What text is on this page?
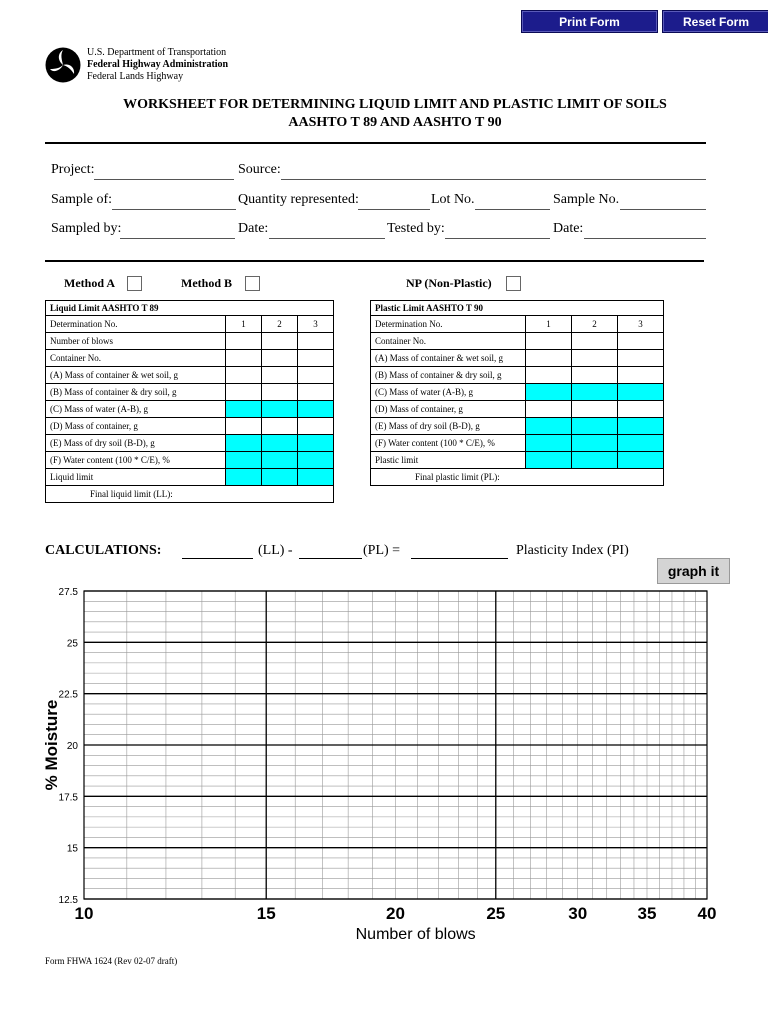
Print Form	Reset Form
U.S. Department of Transportation
Federal Highway Administration
Federal Lands Highway
WORKSHEET FOR DETERMINING LIQUID LIMIT AND PLASTIC LIMIT OF SOILS
AASHTO T 89 AND AASHTO T 90
Project:	Source:
Sample of:	Quantity represented:	Lot No.	Sample No.
Sampled by:	Date:	Tested by:	Date:
Method A	Method B	NP (Non-Plastic)
Liquid Limit AASHTO T 89			
Determination No.	1	2	3
Number of blows			
Container No.			
(A) Mass of container & wet soil, g			
(B) Mass of container & dry soil, g			
(C) Mass of water (A-B), g			
(D) Mass of container, g			
(E) Mass of dry soil (B-D), g			
(F) Water content (100 * C/E), %			
Liquid limit			
Final liquid limit (LL):			
Plastic Limit AASHTO T 90			
Determination No.	1	2	3
Container No.			
(A) Mass of container & wet soil, g			
(B) Mass of container & dry soil, g			
(C) Mass of water (A-B), g			
(D) Mass of container, g			
(E) Mass of dry soil (B-D), g			
(F) Water content (100 * C/E), %			
Plastic limit			
Final plastic limit (PL):			
CALCULATIONS:	(LL) -	(PL) =	Plasticity Index (PI)
graph it
27.5
25
22.5
20
17.5
15
12.5
10	15	20	25	30	35 40
Number of blows
% Moisture
Form FHWA 1624 (Rev 02-07 draft)
